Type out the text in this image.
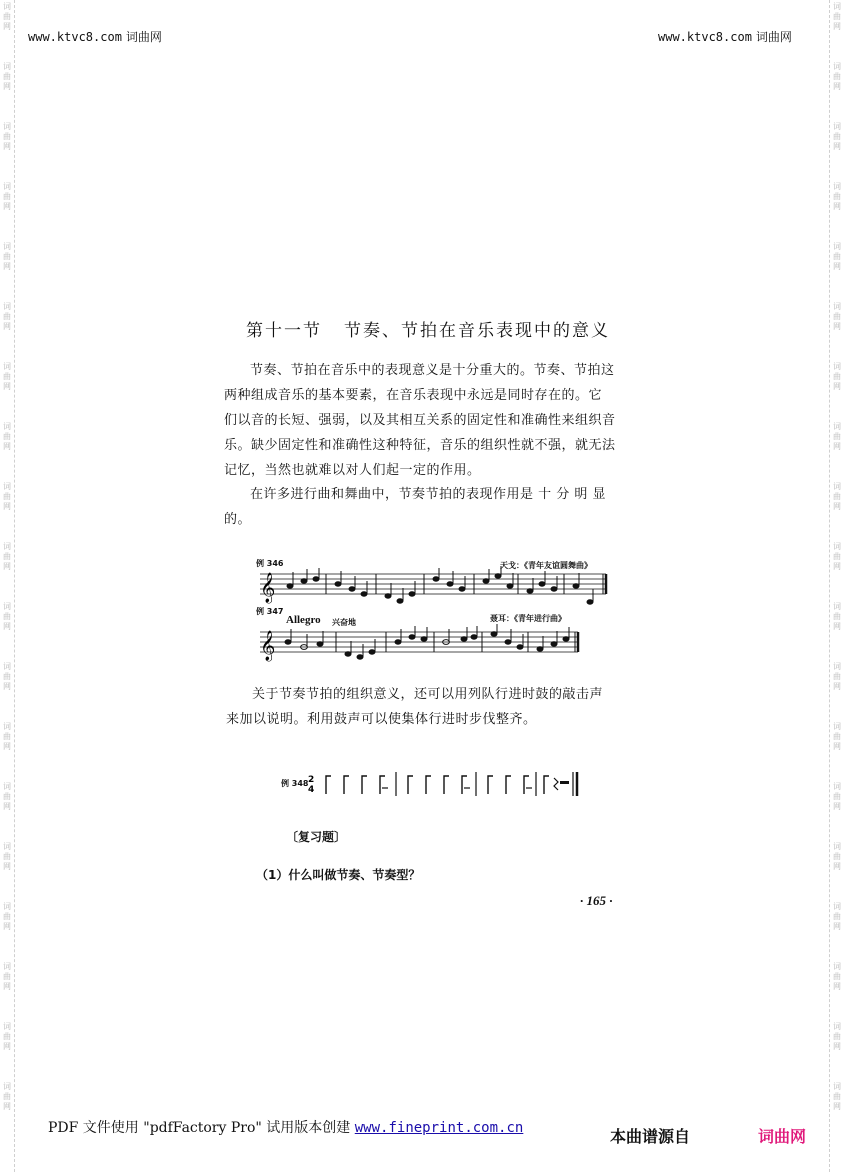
词
曲
网
词
曲
网
词
曲
网
词
曲
网
词
曲
网
词
曲
网
词
曲
网
词
曲
网
词
曲
网
词
曲
网
词
曲
网
词
曲
网
词
曲
网
词
曲
网
词
曲
网
词
曲
网
词
曲
网
词
曲
网
词
曲
网
词
曲
网
词
曲
网
词
曲
网
词
曲
网
词
曲
网
词
曲
网
词
曲
网
词
曲
网
词
曲
网
词
曲
网
词
曲
网
词
曲
网
词
曲
网
词
曲
网
词
曲
网
词
曲
网
词
曲
网
词
曲
网
词
曲
网
www.ktvc8.com 词曲网	www.ktvc8.com 词曲网
第十一节 节奏、节拍在音乐表现中的意义
节奏、节拍在音乐中的表现意义是十分重大的。节奏、节拍这
两种组成音乐的基本要素，在音乐表现中永远是同时存在的。它
们以音的长短、强弱，以及其相互关系的固定性和准确性来组织音
乐。缺少固定性和准确性这种特征，音乐的组织性就不强，就无法
记忆，当然也就难以对人们起一定的作用。
在许多进行曲和舞曲中，节奏节拍的表现作用是 十 分 明 显
的。
例 346	天戈：《青年友谊圆舞曲》
𝄞
例 347
Allegro 兴奋地	聂耳：《青年进行曲》
𝄞
关于节奏节拍的组织意义，还可以用列队行进时鼓的敲击声
来加以说明。利用鼓声可以使集体行进时步伐整齐。
例 348 2
4
〔复习题〕
（1）什么叫做节奏、节奏型？
· 165 ·
PDF 文件使用 "pdfFactory Pro" 试用版本创建 www.fineprint.com.cn	本曲谱源自	词曲网
